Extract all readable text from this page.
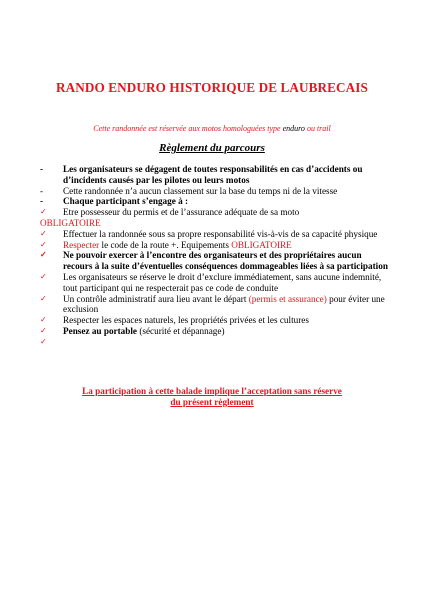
RANDO ENDURO HISTORIQUE DE LAUBRECAIS
Cette randonnée est réservée aux motos homologuées type enduro ou trail
Règlement du parcours
-	Les organisateurs se dégagent de toutes responsabilités en cas d’accidents ou d’incidents causés par les pilotes ou leurs motos
-	Cette randonnée n’a aucun classement sur la base du temps ni de la vitesse
-	Chaque participant s’engage à :
✓	Etre possesseur du permis et de l’assurance adéquate de sa moto
OBLIGATOIRE
✓	Effectuer la randonnée sous sa propre responsabilité vis-à-vis de sa capacité physique
✓	Respecter le code de la route +. Equipements OBLIGATOIRE
✓	Ne pouvoir exercer à l’encontre des organisateurs et des propriétaires aucun recours à la suite d’éventuelles conséquences dommageables liées à sa participation
✓	Les organisateurs se réserve le droit d’exclure immédiatement, sans aucune indemnité, tout participant qui ne respecterait pas ce code de conduite
✓	Un contrôle administratif aura lieu avant le départ (permis et assurance) pour éviter une exclusion
✓	Respecter les espaces naturels, les propriétés privées et les cultures
✓	Pensez au portable (sécurité et dépannage)
✓

La participation à cette balade implique l’acceptation sans réserve
du présent règlement
